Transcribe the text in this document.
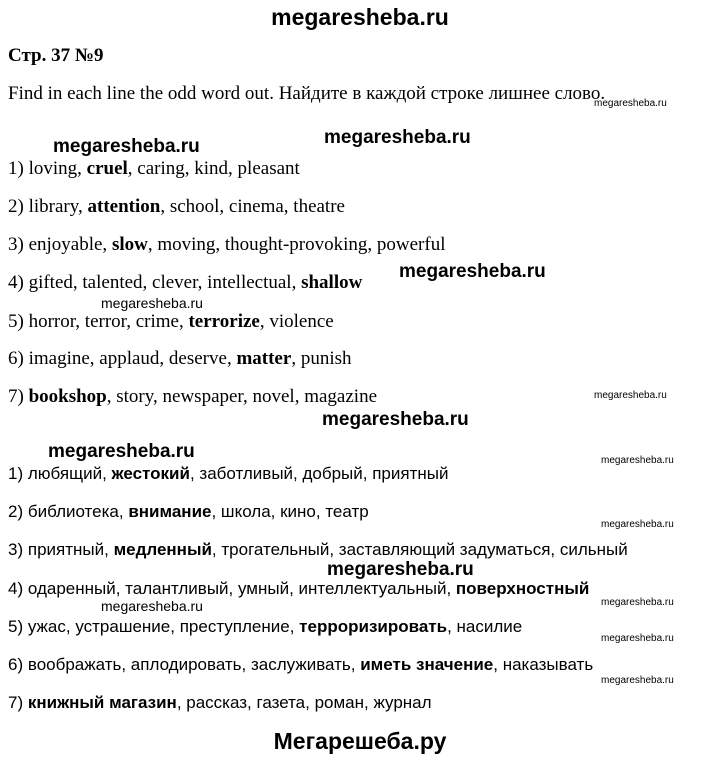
megaresheba.ru
Стр. 37 №9
Find in each line the odd word out. Найдите в каждой строке лишнее слово.
1) loving, cruel, caring, kind, pleasant
2) library, attention, school, cinema, theatre
3) enjoyable, slow, moving, thought-provoking, powerful
4) gifted, talented, clever, intellectual, shallow
5) horror, terror, crime, terrorize, violence
6) imagine, applaud, deserve, matter, punish
7) bookshop, story, newspaper, novel, magazine
1) любящий, жестокий, заботливый, добрый, приятный
2) библиотека, внимание, школа, кино, театр
3) приятный, медленный, трогательный, заставляющий задуматься, сильный
4) одаренный, талантливый, умный, интеллектуальный, поверхностный
5) ужас, устрашение, преступление, терроризировать, насилие
6) воображать, аплодировать, заслуживать, иметь значение, наказывать
7) книжный магазин, рассказ, газета, роман, журнал
megaresheba.ru
megaresheba.ru	megaresheba.ru
megaresheba.ru
megaresheba.ru
megaresheba.ru
megaresheba.ru
megaresheba.ru	megaresheba.ru
megaresheba.ru
megaresheba.ru
megaresheba.ru	megaresheba.ru
megaresheba.ru
megaresheba.ru
Мегарешеба.ру
